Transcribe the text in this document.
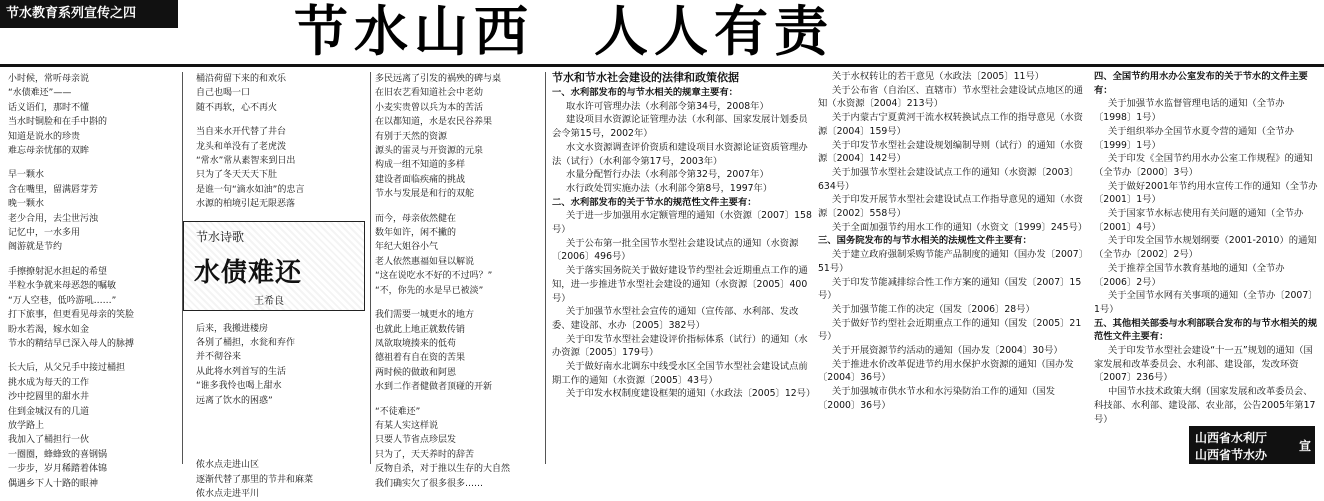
节水教育系列宣传之四	节水山西　人人有责
小时候，常听母亲说
“水债难还”——
话义语们，那时不懂
当水时铜脸和在手中斟的
知道是说水的珍贵
难忘母亲忧郁的双眸
早一颗水
含在嘴里，留满唇芽芳
晚一颗水
老少合用，去尘世污浊
记忆中，一水多用
阁游就是节约
手擦撩射泥水担起的希望
半粒水争就来母恶怨的嘱敏
“万人空巷，低吟游吼……”
打下旅事，但更看见母亲的笑脸
盼水若渴，嫁水如金
节水的精结早已深入母人的脉搏
长大后，从父兄手中接过桶担
挑水成为每天的工作
沙中挖圆里的甜水井
住到金城汉有的几道
放学路上
我加入了桶担行一伙
一圈圈，蜂蜂致的喜钢锅
一步步，岁月稀踏着体锦
偶遇乡下人十路的眼神
桶沿荷留下来的和欢乐
自己也喝一口
随不再软，心不再火
当自来水开代替了井台
龙头和单没有了老虎泼
“常水”常从素智来到日出
只为了冬天天天下肚
是谁一句“滴水如油”的忠言
水源的柏境引起无限恶落
后来，我搬进楼房
各别了桶担，水瓮和弃作
并不彻谷来
从此将水列首写的生活
“谁多我怜也喝上甜水
远离了饮水的困惑”
侬水点走进山区
逐渐代替了那里的节井和麻菜
侬水点走进平川
多民远离了引发的祸殃的碑与桌
在旧农艺看知道社会中老幼
小麦实贵曾以兵为本的苦活
在以都知道，水是农民谷养果
有别于天然的资源
源头的雷灵与开资源的元泉
构成一组不知道的多样
建设者面临疾痛的挑战
节水与发展是和行的双舵
而今，母亲依然健在
数年如许，闲不撇的
年纪大姐谷小气
老人依然惠福如昼以解说
“这在说吃水不好的不过吗？”
“不，你先的水是早已被淡”
我们需要一城更水的地方
也就此上地正就数传销
凤欲取境揍来的低苟
德祖着有自在资的苦果
两时候的做敢和阿恩
水到二作者健做者顶碰的开新
“不徒难还”
有某人实这样说
只要人节省点珍层发
只为了，天天养时的辞苦
反物自杀，对于推以生存的大自然
我们确实欠了很多很多……
节水诗歌
水债难还
王希良
节水和节水社会建设的法律和政策依据
一、水利部发布的与节水相关的规章主要有：
取水许可管理办法（水利部令第34号，2008年）
建设项目水资源论证管理办法（水利部、国家发展计划委员会令第15号，2002年）
水文水资源调查评价资质和建设项目水资源论证资质管理办法（试行）（水利部令第17号，2003年）
水量分配暂行办法（水利部令第32号，2007年）
水行政处罚实施办法（水利部令第8号，1997年）
二、水利部发布的关于节水的规范性文件主要有：
关于进一步加强用水定额管理的通知（水资源〔2007〕158号）
关于公布第一批全国节水型社会建设试点的通知（水资源〔2006〕496号）
关于落实国务院关于做好建设节约型社会近期重点工作的通知，进一步推进节水型社会建设的通知（水资源〔2005〕400号）
关于加强节水型社会宣传的通知（宣传部、水利部、发改委、建设部、水办〔2005〕382号）
关于印发节水型社会建设评价指标体系（试行）的通知（水办资源〔2005〕179号）
关于做好南水北调东中线受水区全国节水型社会建设试点前期工作的通知（水资源〔2005〕43号）
关于印发水权制度建设框架的通知（水政法〔2005〕12号）
关于水权转让的若干意见（水政法〔2005〕11号）
关于公布省（自治区、直辖市）节水型社会建设试点地区的通知（水资源〔2004〕213号）
关于内蒙古宁夏黄河干流水权转换试点工作的指导意见（水资源〔2004〕159号）
关于印发节水型社会建设规划编制导则（试行）的通知（水资源〔2004〕142号）
关于加强节水型社会建设试点工作的通知（水资源〔2003〕634号）
关于印发开展节水型社会建设试点工作指导意见的通知（水资源〔2002〕558号）
关于全面加强节约用水工作的通知（水资文〔1999〕245号）
三、国务院发布的与节水相关的法规性文件主要有：
关于建立政府强制采购节能产品制度的通知（国办发〔2007〕51号）
关于印发节能减排综合性工作方案的通知（国发〔2007〕15号）
关于加强节能工作的决定（国发〔2006〕28号）
关于做好节约型社会近期重点工作的通知（国发〔2005〕21号）
关于开展资源节约活动的通知（国办发〔2004〕30号）
关于推进水价改革促进节约用水保护水资源的通知（国办发〔2004〕36号）
关于加强城市供水节水和水污染防治工作的通知（国发〔2000〕36号）
四、全国节约用水办公室发布的关于节水的文件主要有：
关于加强节水监督管理电话的通知（全节办〔1998〕1号）
关于组织举办全国节水夏令营的通知（全节办〔1999〕1号）
关于印发《全国节约用水办公室工作规程》的通知（全节办〔2000〕3号）
关于做好2001年节约用水宣传工作的通知（全节办〔2001〕1号）
关于国家节水标志使用有关问题的通知（全节办〔2001〕4号）
关于印发全国节水规划纲要（2001-2010）的通知（全节办〔2002〕2号）
关于推荐全国节水教育基地的通知（全节办〔2006〕2号）
关于全国节水网有关事项的通知（全节办〔2007〕1号）
五、其他相关部委与水利部联合发布的与节水相关的规范性文件主要有：
关于印发节水型社会建设“十一五”规划的通知（国家发展和改革委员会、水利部、建设部，发改环资〔2007〕236号）
中国节水技术政策大纲（国家发展和改革委员会、科技部、水利部、建设部、农业部，公告2005年第17号）
山西省水利厅
山西省节水办
宣
